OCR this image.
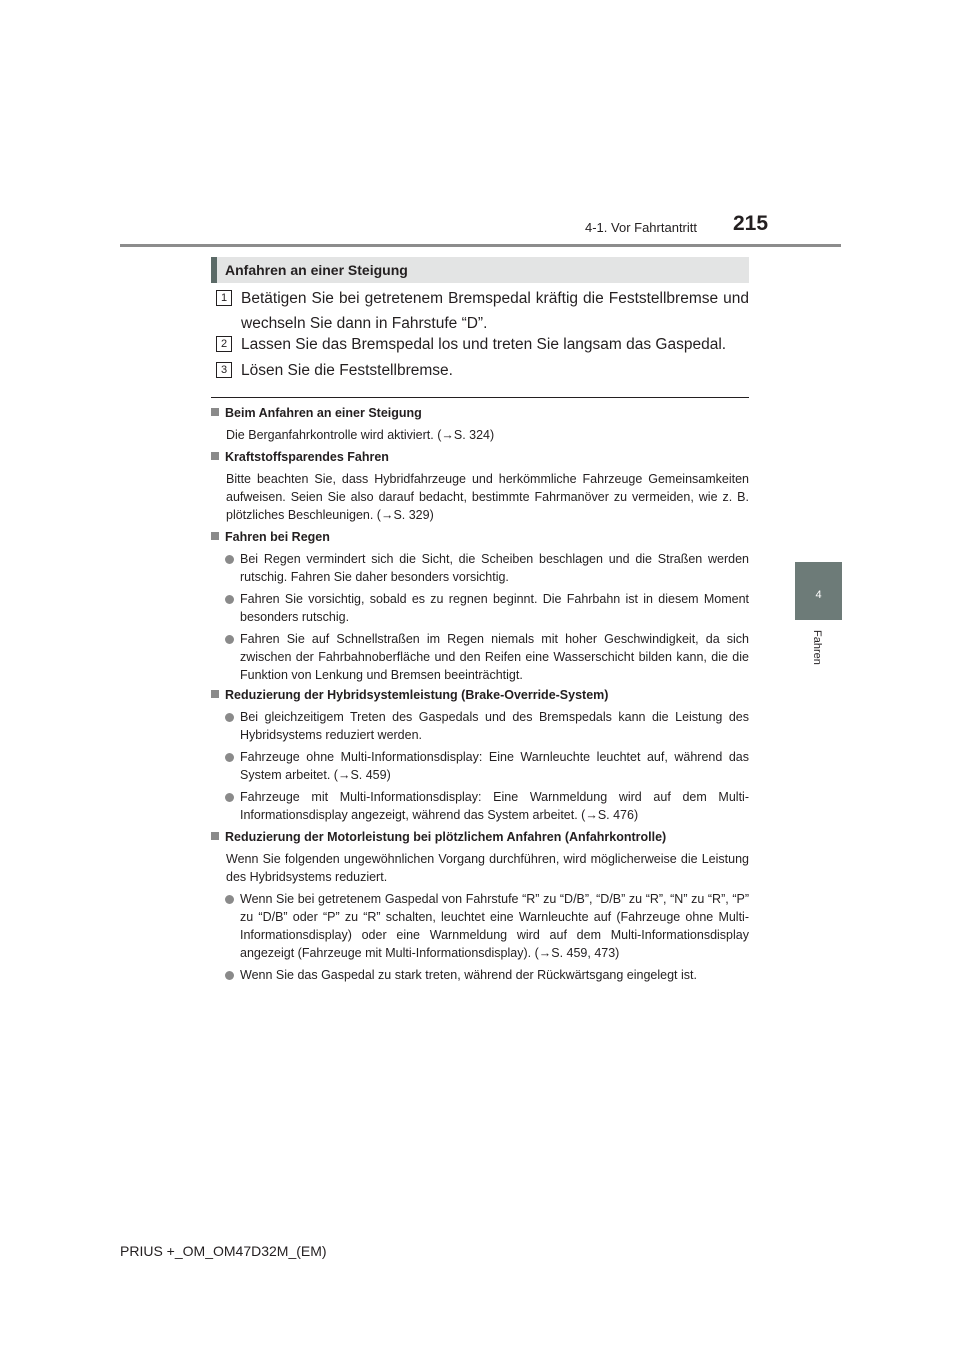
4-1. Vor Fahrtantritt 215
4
Fahren
Anfahren an einer Steigung
1 Betätigen Sie bei getretenem Bremspedal kräftig die Feststellbremse und wechseln Sie dann in Fahrstufe “D”.
2 Lassen Sie das Bremspedal los und treten Sie langsam das Gaspedal.
3 Lösen Sie die Feststellbremse.
Beim Anfahren an einer Steigung
Die Berganfahrkontrolle wird aktiviert. (→S. 324)
Kraftstoffsparendes Fahren
Bitte beachten Sie, dass Hybridfahrzeuge und herkömmliche Fahrzeuge Gemeinsamkeiten aufweisen. Seien Sie also darauf bedacht, bestimmte Fahrmanöver zu vermeiden, wie z. B. plötzliches Beschleunigen. (→S. 329)
Fahren bei Regen
Bei Regen vermindert sich die Sicht, die Scheiben beschlagen und die Straßen werden rutschig. Fahren Sie daher besonders vorsichtig.
Fahren Sie vorsichtig, sobald es zu regnen beginnt. Die Fahrbahn ist in diesem Moment besonders rutschig.
Fahren Sie auf Schnellstraßen im Regen niemals mit hoher Geschwindigkeit, da sich zwischen der Fahrbahnoberfläche und den Reifen eine Wasserschicht bilden kann, die die Funktion von Lenkung und Bremsen beeinträchtigt.
Reduzierung der Hybridsystemleistung (Brake-Override-System)
Bei gleichzeitigem Treten des Gaspedals und des Bremspedals kann die Leistung des Hybridsystems reduziert werden.
Fahrzeuge ohne Multi-Informationsdisplay: Eine Warnleuchte leuchtet auf, während das System arbeitet. (→S. 459)
Fahrzeuge mit Multi-Informationsdisplay: Eine Warnmeldung wird auf dem Multi-Informationsdisplay angezeigt, während das System arbeitet. (→S. 476)
Reduzierung der Motorleistung bei plötzlichem Anfahren (Anfahrkontrolle)
Wenn Sie folgenden ungewöhnlichen Vorgang durchführen, wird möglicherweise die Leistung des Hybridsystems reduziert.
Wenn Sie bei getretenem Gaspedal von Fahrstufe “R” zu “D/B”, “D/B” zu “R”, “N” zu “R”, “P” zu “D/B” oder “P” zu “R” schalten, leuchtet eine Warnleuchte auf (Fahrzeuge ohne Multi-Informationsdisplay) oder eine Warnmeldung wird auf dem Multi-Informationsdisplay angezeigt (Fahrzeuge mit Multi-Informationsdisplay). (→S. 459, 473)
Wenn Sie das Gaspedal zu stark treten, während der Rückwärtsgang eingelegt ist.
PRIUS +_OM_OM47D32M_(EM)
